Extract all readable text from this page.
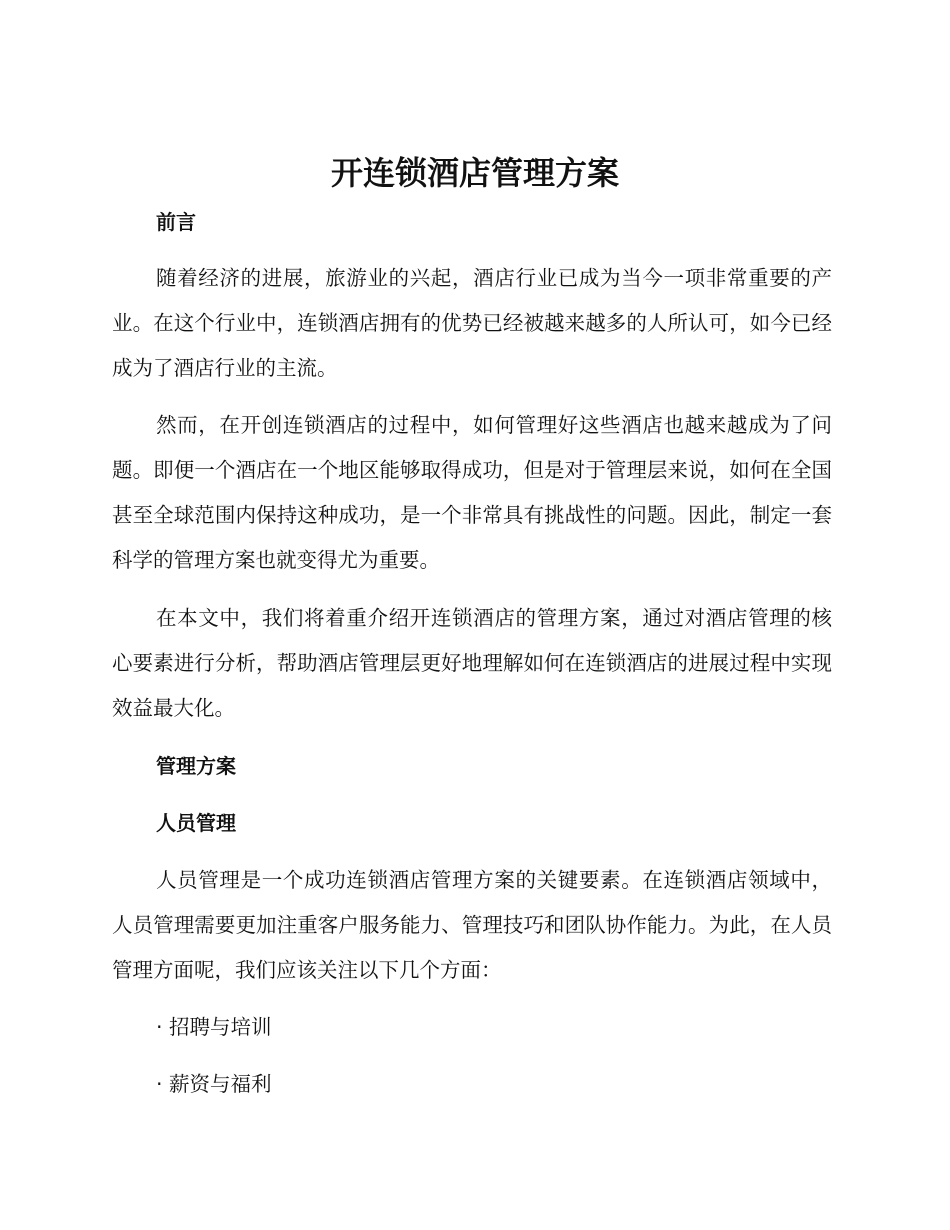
开连锁酒店管理方案
前言

随着经济的进展，旅游业的兴起，酒店行业已成为当今一项非常重要的产业。在这个行业中，连锁酒店拥有的优势已经被越来越多的人所认可，如今已经成为了酒店行业的主流。

然而，在开创连锁酒店的过程中，如何管理好这些酒店也越来越成为了问题。即便一个酒店在一个地区能够取得成功，但是对于管理层来说，如何在全国甚至全球范围内保持这种成功，是一个非常具有挑战性的问题。因此，制定一套科学的管理方案也就变得尤为重要。

在本文中，我们将着重介绍开连锁酒店的管理方案，通过对酒店管理的核心要素进行分析，帮助酒店管理层更好地理解如何在连锁酒店的进展过程中实现效益最大化。

管理方案
人员管理

人员管理是一个成功连锁酒店管理方案的关键要素。在连锁酒店领域中，人员管理需要更加注重客户服务能力、管理技巧和团队协作能力。为此，在人员管理方面呢，我们应该关注以下几个方面：

· 招聘与培训

· 薪资与福利
